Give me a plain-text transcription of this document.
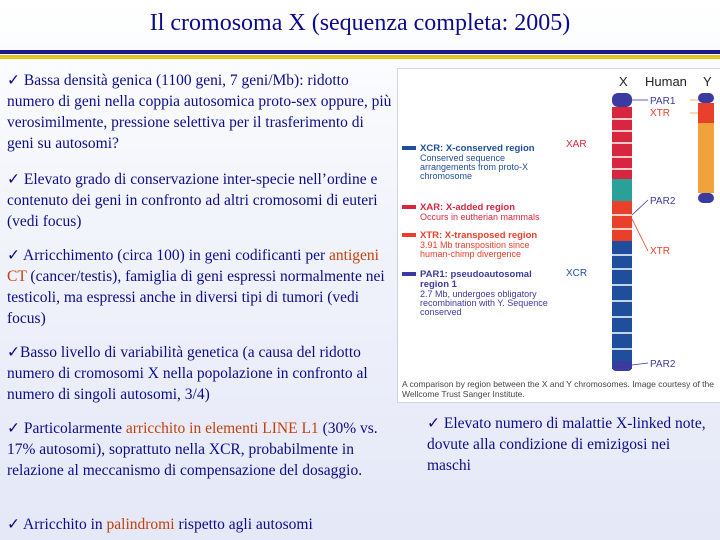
Il cromosoma X (sequenza completa: 2005)
✓ Bassa densità genica (1100 geni, 7 geni/Mb): ridotto numero di geni nella coppia autosomica proto-sex oppure, più verosimilmente, pressione selettiva per il trasferimento di geni su autosomi?
✓ Elevato grado di conservazione inter-specie nell’ordine e contenuto dei geni in confronto ad altri cromosomi di euteri (vedi focus)
✓ Arricchimento (circa 100) in geni codificanti per antigeni CT (cancer/testis), famiglia di geni espressi normalmente nei testicoli, ma espressi anche in diversi tipi di tumori (vedi focus)
✓Basso livello di variabilità genetica (a causa del ridotto numero di cromosomi X nella popolazione in confronto al numero di singoli autosomi, 3/4)
✓ Particolarmente arricchito in elementi LINE L1 (30% vs. 17% autosomi), soprattuto nella XCR, probabilmente in relazione al meccanismo di compensazione del dosaggio.
✓ Arricchito in palindromi rispetto agli autosomi
✓ Elevato numero di malattie X-linked note, dovute alla condizione di emizigosi nei maschi
X Human Y
XCR: X-conserved region
Conserved sequence
arrangements from proto-X
chromosome
XAR: X-added region
Occurs in eutherian mammals
XTR: X-transposed region
3.91 Mb transposition since
human-chimp divergence
PAR1: pseudoautosomal
region 1
2.7 Mb, undergoes obligatory
recombination with Y. Sequence
conserved
PAR1
XTR
XAR
PAR2
XTR
XCR
PAR2
A comparison by region between the X and Y chromosomes. Image courtesy of the Wellcome Trust Sanger Institute.
